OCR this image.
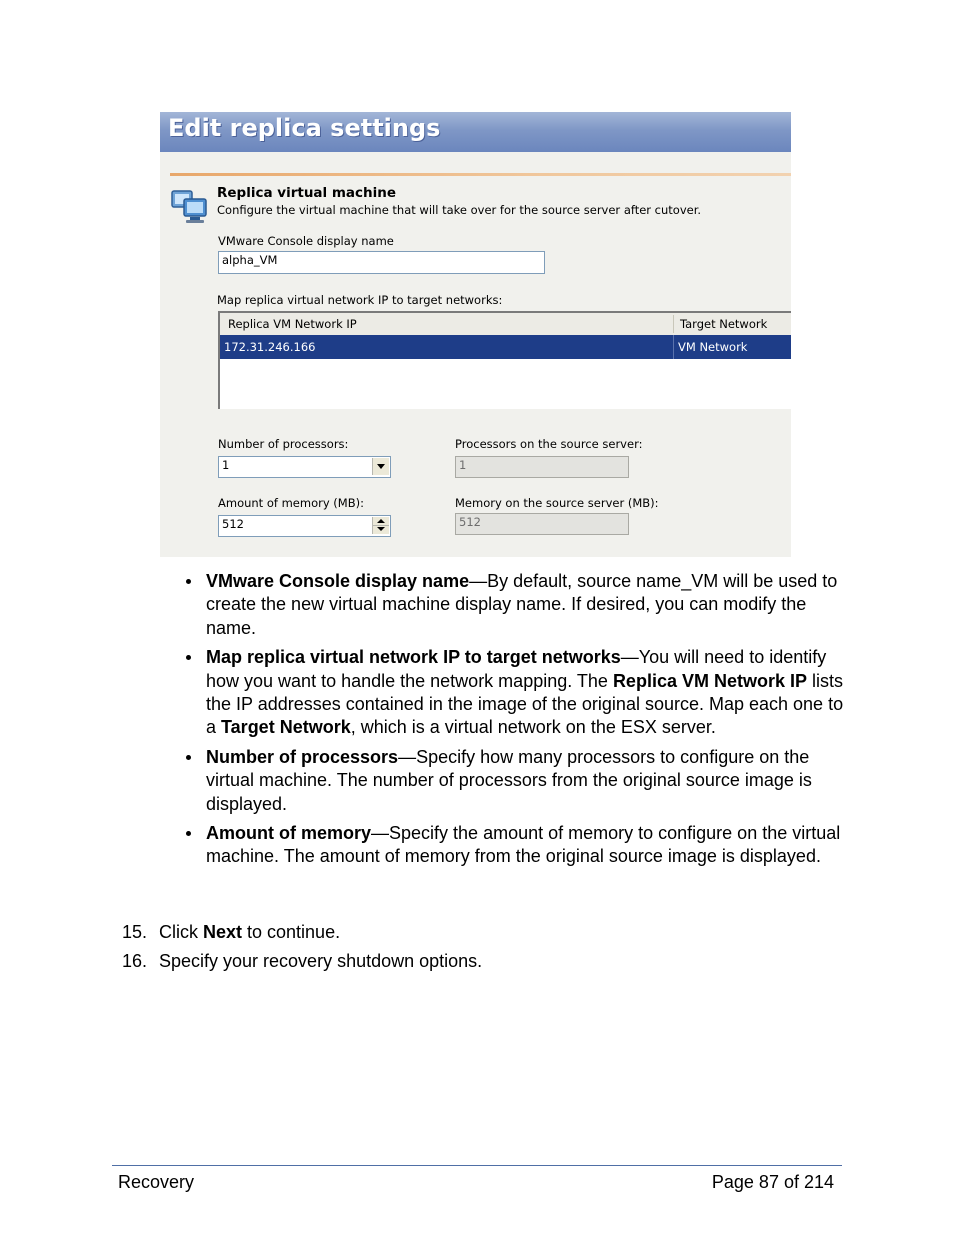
Edit replica settings
Replica virtual machine
Configure the virtual machine that will take over for the source server after cutover.
VMware Console display name
alpha_VM
Map replica virtual network IP to target networks:
Replica VM Network IP	Target Network
172.31.246.166	VM Network
Number of processors:
1
Processors on the source server:
1
Amount of memory (MB):
512
Memory on the source server (MB):
512
VMware Console display name—By default, source name_VM will be used to create the new virtual machine display name. If desired, you can modify the name.
Map replica virtual network IP to target networks—You will need to identify how you want to handle the network mapping. The Replica VM Network IP lists the IP addresses contained in the image of the original source. Map each one to a Target Network, which is a virtual network on the ESX server.
Number of processors—Specify how many processors to configure on the virtual machine. The number of processors from the original source image is displayed.
Amount of memory—Specify the amount of memory to configure on the virtual machine. The amount of memory from the original source image is displayed.
15. Click Next to continue.
16. Specify your recovery shutdown options.
Recovery	Page 87 of 214
